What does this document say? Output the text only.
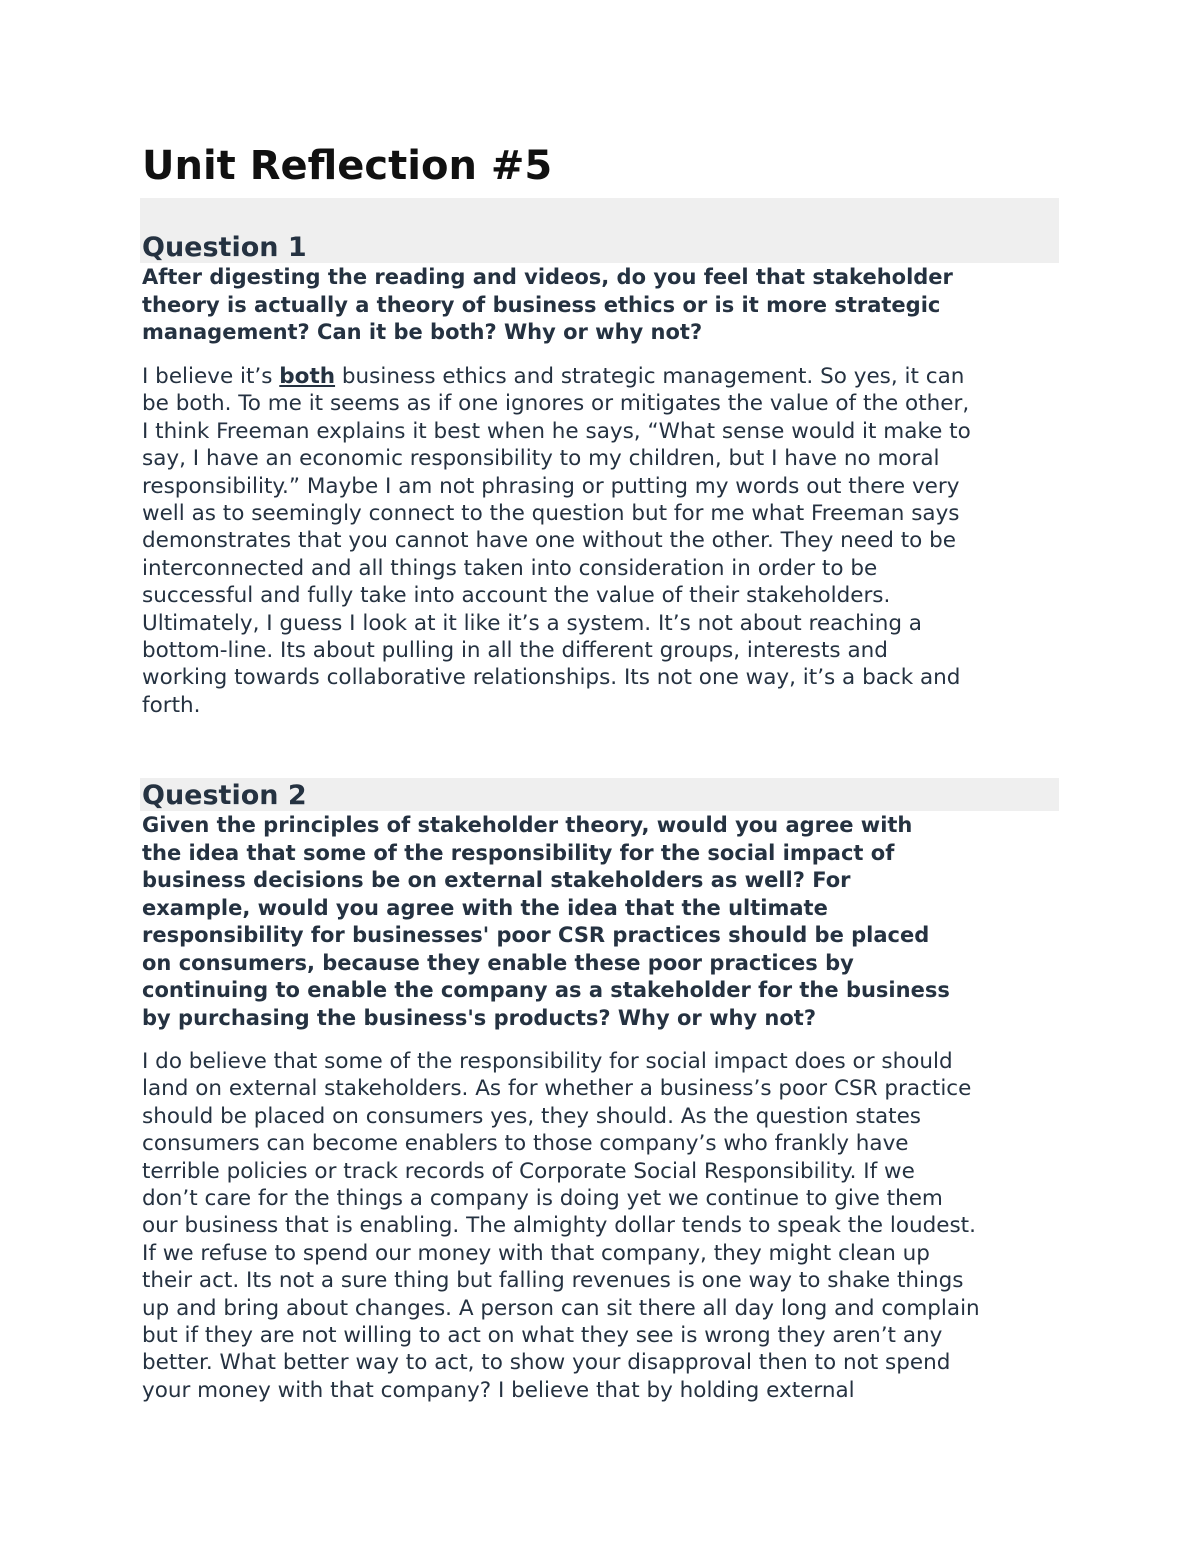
Unit Reflection #5
Question 1
After digesting the reading and videos, do you feel that stakeholder
theory is actually a theory of business ethics or is it more strategic
management? Can it be both? Why or why not?
I believe it’s both business ethics and strategic management. So yes, it can
be both. To me it seems as if one ignores or mitigates the value of the other,
I think Freeman explains it best when he says, “What sense would it make to
say, I have an economic responsibility to my children, but I have no moral
responsibility.” Maybe I am not phrasing or putting my words out there very
well as to seemingly connect to the question but for me what Freeman says
demonstrates that you cannot have one without the other. They need to be
interconnected and all things taken into consideration in order to be
successful and fully take into account the value of their stakeholders.
Ultimately, I guess I look at it like it’s a system. It’s not about reaching a
bottom-line. Its about pulling in all the different groups, interests and
working towards collaborative relationships. Its not one way, it’s a back and
forth.
Question 2
Given the principles of stakeholder theory, would you agree with
the idea that some of the responsibility for the social impact of
business decisions be on external stakeholders as well? For
example, would you agree with the idea that the ultimate
responsibility for businesses' poor CSR practices should be placed
on consumers, because they enable these poor practices by
continuing to enable the company as a stakeholder for the business
by purchasing the business's products? Why or why not?
I do believe that some of the responsibility for social impact does or should
land on external stakeholders. As for whether a business’s poor CSR practice
should be placed on consumers yes, they should. As the question states
consumers can become enablers to those company’s who frankly have
terrible policies or track records of Corporate Social Responsibility. If we
don’t care for the things a company is doing yet we continue to give them
our business that is enabling. The almighty dollar tends to speak the loudest.
If we refuse to spend our money with that company, they might clean up
their act. Its not a sure thing but falling revenues is one way to shake things
up and bring about changes. A person can sit there all day long and complain
but if they are not willing to act on what they see is wrong they aren’t any
better. What better way to act, to show your disapproval then to not spend
your money with that company? I believe that by holding external
